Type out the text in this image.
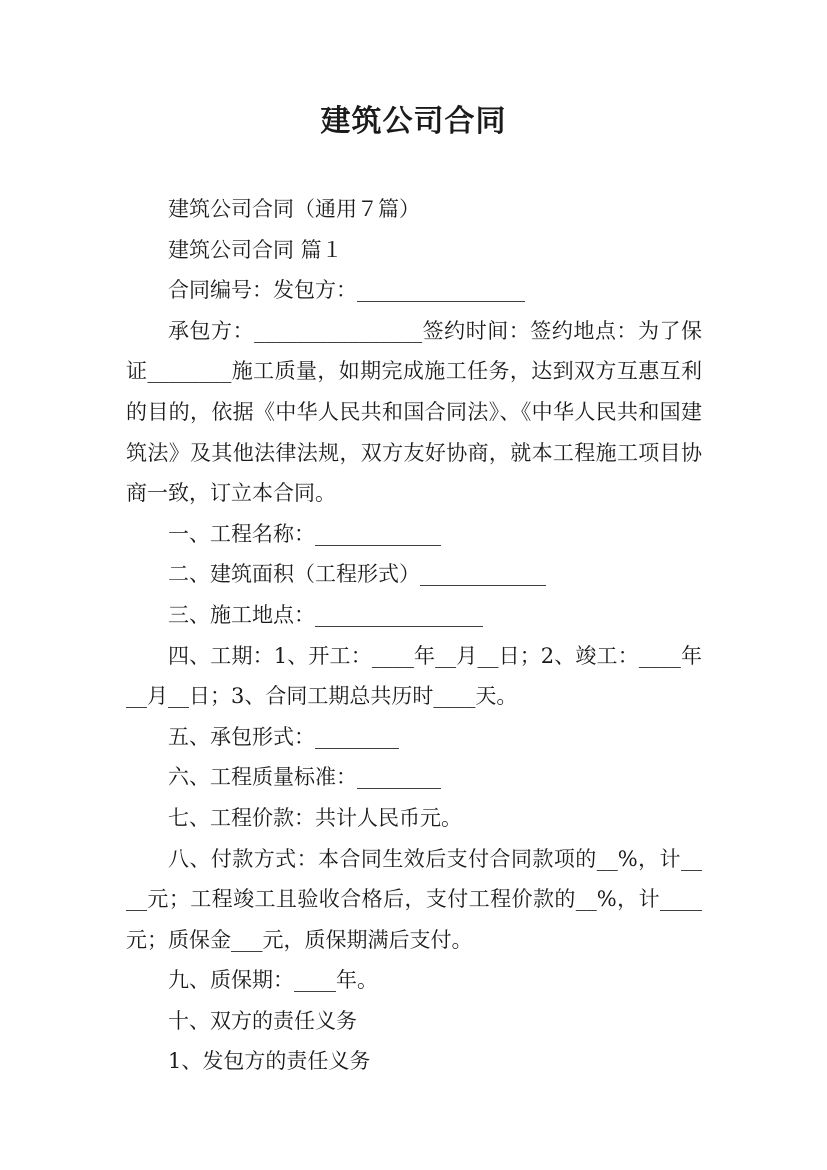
建筑公司合同

建筑公司合同（通用７篇）

建筑公司合同 篇１

合同编号：发包方：________________

承包方：________________签约时间：签约地点：为了保证________施工质量，如期完成施工任务，达到双方互惠互利的目的，依据《中华人民共和国合同法》、《中华人民共和国建筑法》及其他法律法规，双方友好协商，就本工程施工项目协商一致，订立本合同。

一、工程名称：____________

二、建筑面积（工程形式）____________

三、施工地点：________________

四、工期：1、开工：____年__月__日；2、竣工：____年__月__日；3、合同工期总共历时____天。

五、承包形式：________

六、工程质量标准：________

七、工程价款：共计人民币元。

八、付款方式：本合同生效后支付合同款项的__%，计____元；工程竣工且验收合格后，支付工程价款的__%，计____元；质保金___元，质保期满后支付。

九、质保期：____年。

十、双方的责任义务

1、发包方的责任义务
